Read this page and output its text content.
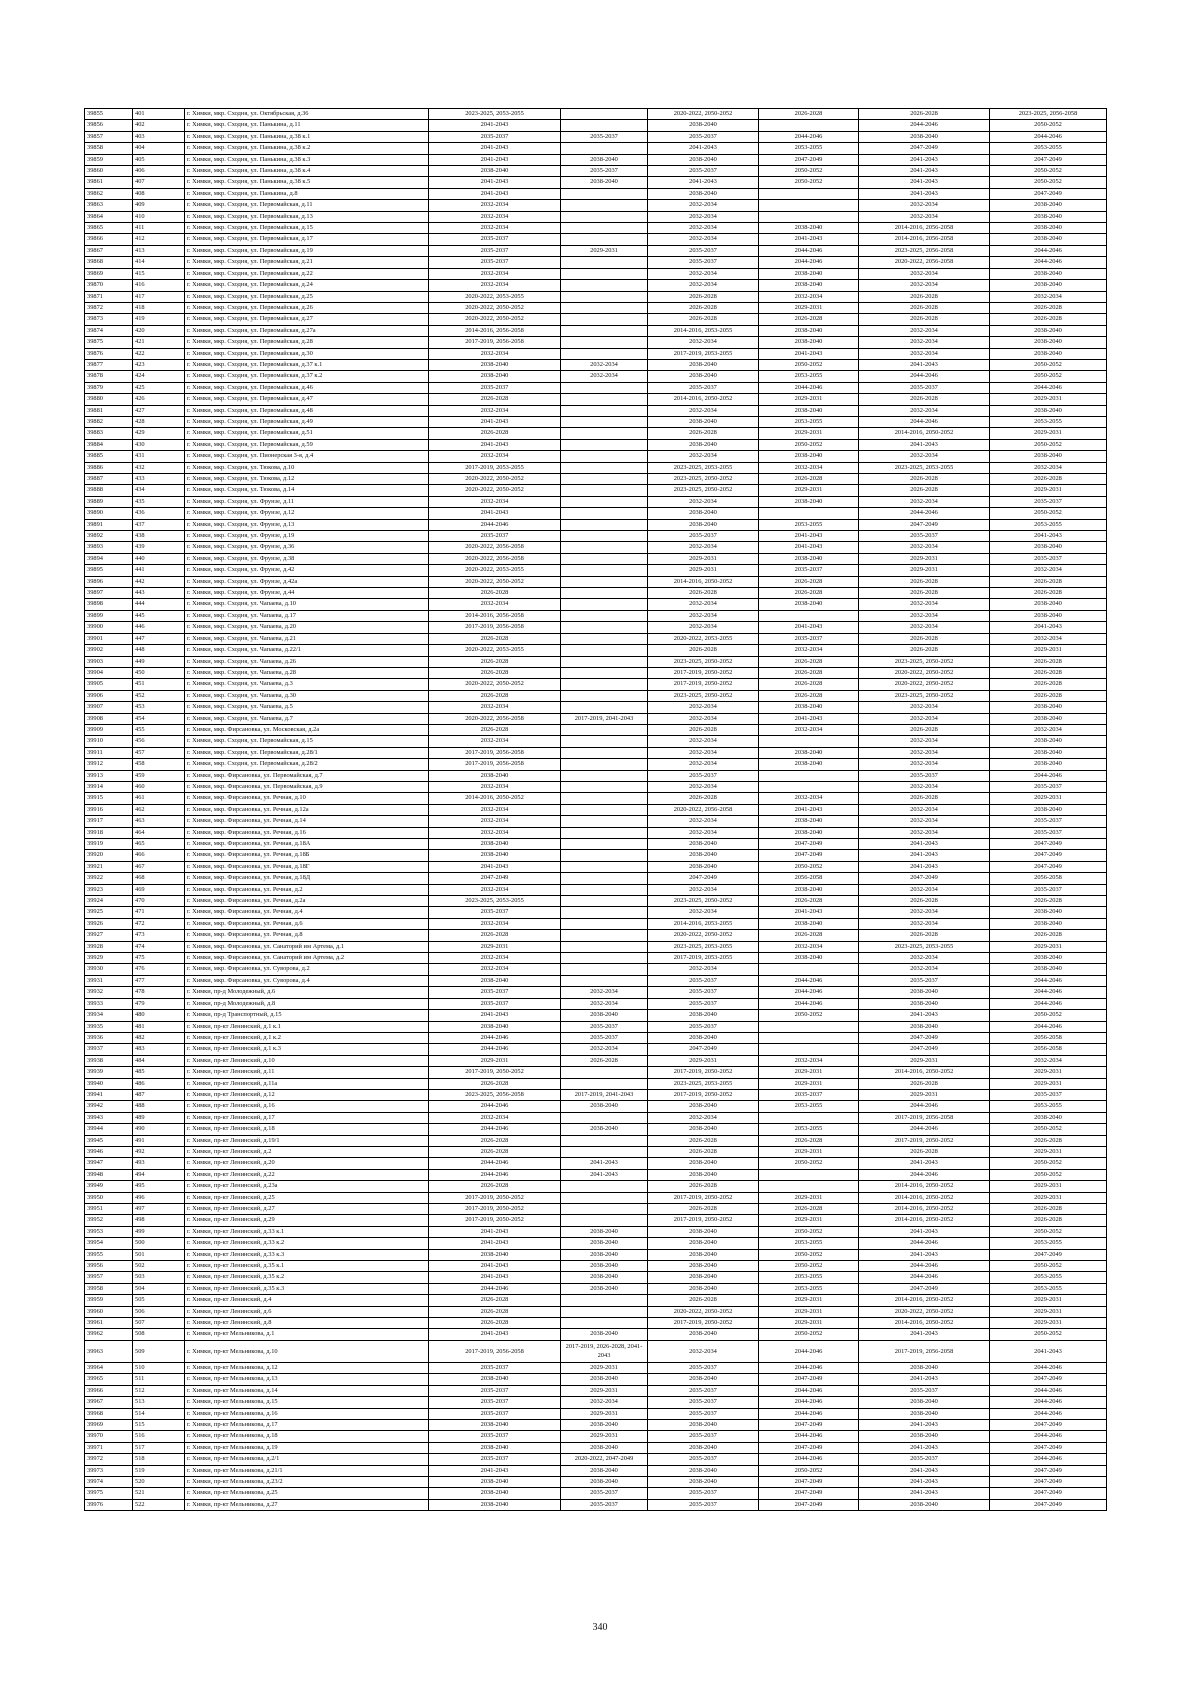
39855	401	г. Химки, мкр. Сходня, ул. Октябрьская, д.36	2023-2025, 2053-2055		2020-2022, 2050-2052	2026-2028	2026-2028	2023-2025, 2056-2058
39856	402	г. Химки, мкр. Сходня, ул. Панькина, д.11	2041-2043		2038-2040		2044-2046	2050-2052
39857	403	г. Химки, мкр. Сходня, ул. Панькина, д.38 к.1	2035-2037	2035-2037	2035-2037	2044-2046	2038-2040	2044-2046
39858	404	г. Химки, мкр. Сходня, ул. Панькина, д.38 к.2	2041-2043		2041-2043	2053-2055	2047-2049	2053-2055
39859	405	г. Химки, мкр. Сходня, ул. Панькина, д.38 к.3	2041-2043	2038-2040	2038-2040	2047-2049	2041-2043	2047-2049
39860	406	г. Химки, мкр. Сходня, ул. Панькина, д.38 к.4	2038-2040	2035-2037	2035-2037	2050-2052	2041-2043	2050-2052
39861	407	г. Химки, мкр. Сходня, ул. Панькина, д.38 к.5	2041-2043	2038-2040	2041-2043	2050-2052	2041-2043	2050-2052
39862	408	г. Химки, мкр. Сходня, ул. Панькина, д.8	2041-2043		2038-2040		2041-2043	2047-2049
39863	409	г. Химки, мкр. Сходня, ул. Первомайская, д.11	2032-2034		2032-2034		2032-2034	2038-2040
39864	410	г. Химки, мкр. Сходня, ул. Первомайская, д.13	2032-2034		2032-2034		2032-2034	2038-2040
39865	411	г. Химки, мкр. Сходня, ул. Первомайская, д.15	2032-2034		2032-2034	2038-2040	2014-2016, 2056-2058	2038-2040
39866	412	г. Химки, мкр. Сходня, ул. Первомайская, д.17	2035-2037		2032-2034	2041-2043	2014-2016, 2056-2058	2038-2040
39867	413	г. Химки, мкр. Сходня, ул. Первомайская, д.19	2035-2037	2029-2031	2035-2037	2044-2046	2023-2025, 2056-2058	2044-2046
39868	414	г. Химки, мкр. Сходня, ул. Первомайская, д.21	2035-2037		2035-2037	2044-2046	2020-2022, 2056-2058	2044-2046
39869	415	г. Химки, мкр. Сходня, ул. Первомайская, д.22	2032-2034		2032-2034	2038-2040	2032-2034	2038-2040
39870	416	г. Химки, мкр. Сходня, ул. Первомайская, д.24	2032-2034		2032-2034	2038-2040	2032-2034	2038-2040
39871	417	г. Химки, мкр. Сходня, ул. Первомайская, д.25	2020-2022, 2053-2055		2026-2028	2032-2034	2026-2028	2032-2034
39872	418	г. Химки, мкр. Сходня, ул. Первомайская, д.26	2020-2022, 2050-2052		2026-2028	2029-2031	2026-2028	2026-2028
39873	419	г. Химки, мкр. Сходня, ул. Первомайская, д.27	2020-2022, 2050-2052		2026-2028	2026-2028	2026-2028	2026-2028
39874	420	г. Химки, мкр. Сходня, ул. Первомайская, д.27а	2014-2016, 2056-2058		2014-2016, 2053-2055	2038-2040	2032-2034	2038-2040
39875	421	г. Химки, мкр. Сходня, ул. Первомайская, д.28	2017-2019, 2056-2058		2032-2034	2038-2040	2032-2034	2038-2040
39876	422	г. Химки, мкр. Сходня, ул. Первомайская, д.30	2032-2034		2017-2019, 2053-2055	2041-2043	2032-2034	2038-2040
39877	423	г. Химки, мкр. Сходня, ул. Первомайская, д.37 к.1	2038-2040	2032-2034	2038-2040	2050-2052	2041-2043	2050-2052
39878	424	г. Химки, мкр. Сходня, ул. Первомайская, д.37 к.2	2038-2040	2032-2034	2038-2040	2053-2055	2044-2046	2050-2052
39879	425	г. Химки, мкр. Сходня, ул. Первомайская, д.46	2035-2037		2035-2037	2044-2046	2035-2037	2044-2046
39880	426	г. Химки, мкр. Сходня, ул. Первомайская, д.47	2026-2028		2014-2016, 2050-2052	2029-2031	2026-2028	2029-2031
39881	427	г. Химки, мкр. Сходня, ул. Первомайская, д.48	2032-2034		2032-2034	2038-2040	2032-2034	2038-2040
39882	428	г. Химки, мкр. Сходня, ул. Первомайская, д.49	2041-2043		2038-2040	2053-2055	2044-2046	2053-2055
39883	429	г. Химки, мкр. Сходня, ул. Первомайская, д.51	2026-2028		2026-2028	2029-2031	2014-2016, 2050-2052	2029-2031
39884	430	г. Химки, мкр. Сходня, ул. Первомайская, д.59	2041-2043		2038-2040	2050-2052	2041-2043	2050-2052
39885	431	г. Химки, мкр. Сходня, ул. Пионерская 3-я, д.4	2032-2034		2032-2034	2038-2040	2032-2034	2038-2040
39886	432	г. Химки, мкр. Сходня, ул. Тюкова, д.10	2017-2019, 2053-2055		2023-2025, 2053-2055	2032-2034	2023-2025, 2053-2055	2032-2034
39887	433	г. Химки, мкр. Сходня, ул. Тюкова, д.12	2020-2022, 2050-2052		2023-2025, 2050-2052	2026-2028	2026-2028	2026-2028
39888	434	г. Химки, мкр. Сходня, ул. Тюкова, д.14	2020-2022, 2050-2052		2023-2025, 2050-2052	2029-2031	2026-2028	2029-2031
39889	435	г. Химки, мкр. Сходня, ул. Фрунзе, д.11	2032-2034		2032-2034	2038-2040	2032-2034	2035-2037
39890	436	г. Химки, мкр. Сходня, ул. Фрунзе, д.12	2041-2043		2038-2040		2044-2046	2050-2052
39891	437	г. Химки, мкр. Сходня, ул. Фрунзе, д.13	2044-2046		2038-2040	2053-2055	2047-2049	2053-2055
39892	438	г. Химки, мкр. Сходня, ул. Фрунзе, д.19	2035-2037		2035-2037	2041-2043	2035-2037	2041-2043
39893	439	г. Химки, мкр. Сходня, ул. Фрунзе, д.36	2020-2022, 2056-2058		2032-2034	2041-2043	2032-2034	2038-2040
39894	440	г. Химки, мкр. Сходня, ул. Фрунзе, д.38	2020-2022, 2056-2058		2029-2031	2038-2040	2029-2031	2035-2037
39895	441	г. Химки, мкр. Сходня, ул. Фрунзе, д.42	2020-2022, 2053-2055		2029-2031	2035-2037	2029-2031	2032-2034
39896	442	г. Химки, мкр. Сходня, ул. Фрунзе, д.42а	2020-2022, 2050-2052		2014-2016, 2050-2052	2026-2028	2026-2028	2026-2028
39897	443	г. Химки, мкр. Сходня, ул. Фрунзе, д.44	2026-2028		2026-2028	2026-2028	2026-2028	2026-2028
39898	444	г. Химки, мкр. Сходня, ул. Чапаева, д.10	2032-2034		2032-2034	2038-2040	2032-2034	2038-2040
39899	445	г. Химки, мкр. Сходня, ул. Чапаева, д.17	2014-2016, 2056-2058		2032-2034		2032-2034	2038-2040
39900	446	г. Химки, мкр. Сходня, ул. Чапаева, д.20	2017-2019, 2056-2058		2032-2034	2041-2043	2032-2034	2041-2043
39901	447	г. Химки, мкр. Сходня, ул. Чапаева, д.21	2026-2028		2020-2022, 2053-2055	2035-2037	2026-2028	2032-2034
39902	448	г. Химки, мкр. Сходня, ул. Чапаева, д.22/1	2020-2022, 2053-2055		2026-2028	2032-2034	2026-2028	2029-2031
39903	449	г. Химки, мкр. Сходня, ул. Чапаева, д.26	2026-2028		2023-2025, 2050-2052	2026-2028	2023-2025, 2050-2052	2026-2028
39904	450	г. Химки, мкр. Сходня, ул. Чапаева, д.28	2026-2028		2017-2019, 2050-2052	2026-2028	2020-2022, 2050-2052	2026-2028
39905	451	г. Химки, мкр. Сходня, ул. Чапаева, д.3	2020-2022, 2050-2052		2017-2019, 2050-2052	2026-2028	2020-2022, 2050-2052	2026-2028
39906	452	г. Химки, мкр. Сходня, ул. Чапаева, д.30	2026-2028		2023-2025, 2050-2052	2026-2028	2023-2025, 2050-2052	2026-2028
39907	453	г. Химки, мкр. Сходня, ул. Чапаева, д.5	2032-2034		2032-2034	2038-2040	2032-2034	2038-2040
39908	454	г. Химки, мкр. Сходня, ул. Чапаева, д.7	2020-2022, 2056-2058	2017-2019, 2041-2043	2032-2034	2041-2043	2032-2034	2038-2040
39909	455	г. Химки, мкр. Фирсановка, ул. Московская, д.2а	2026-2028		2026-2028	2032-2034	2026-2028	2032-2034
39910	456	г. Химки, мкр. Сходня, ул. Первомайская, д.15	2032-2034		2032-2034		2032-2034	2038-2040
39911	457	г. Химки, мкр. Сходня, ул. Первомайская, д.28/1	2017-2019, 2056-2058		2032-2034	2038-2040	2032-2034	2038-2040
39912	458	г. Химки, мкр. Сходня, ул. Первомайская, д.28/2	2017-2019, 2056-2058		2032-2034	2038-2040	2032-2034	2038-2040
39913	459	г. Химки, мкр. Фирсановка, ул. Первомайская, д.7	2038-2040		2035-2037		2035-2037	2044-2046
39914	460	г. Химки, мкр. Фирсановка, ул. Первомайская, д.9	2032-2034		2032-2034		2032-2034	2035-2037
39915	461	г. Химки, мкр. Фирсановка, ул. Речная, д.10	2014-2016, 2050-2052		2026-2028	2032-2034	2026-2028	2029-2031
39916	462	г. Химки, мкр. Фирсановка, ул. Речная, д.12а	2032-2034		2020-2022, 2056-2058	2041-2043	2032-2034	2038-2040
39917	463	г. Химки, мкр. Фирсановка, ул. Речная, д.14	2032-2034		2032-2034	2038-2040	2032-2034	2035-2037
39918	464	г. Химки, мкр. Фирсановка, ул. Речная, д.16	2032-2034		2032-2034	2038-2040	2032-2034	2035-2037
39919	465	г. Химки, мкр. Фирсановка, ул. Речная, д.18А	2038-2040		2038-2040	2047-2049	2041-2043	2047-2049
39920	466	г. Химки, мкр. Фирсановка, ул. Речная, д.18Б	2038-2040		2038-2040	2047-2049	2041-2043	2047-2049
39921	467	г. Химки, мкр. Фирсановка, ул. Речная, д.18Г	2041-2043		2038-2040	2050-2052	2041-2043	2047-2049
39922	468	г. Химки, мкр. Фирсановка, ул. Речная, д.18Д	2047-2049		2047-2049	2056-2058	2047-2049	2056-2058
39923	469	г. Химки, мкр. Фирсановка, ул. Речная, д.2	2032-2034		2032-2034	2038-2040	2032-2034	2035-2037
39924	470	г. Химки, мкр. Фирсановка, ул. Речная, д.2а	2023-2025, 2053-2055		2023-2025, 2050-2052	2026-2028	2026-2028	2026-2028
39925	471	г. Химки, мкр. Фирсановка, ул. Речная, д.4	2035-2037		2032-2034	2041-2043	2032-2034	2038-2040
39926	472	г. Химки, мкр. Фирсановка, ул. Речная, д.6	2032-2034		2014-2016, 2053-2055	2038-2040	2032-2034	2038-2040
39927	473	г. Химки, мкр. Фирсановка, ул. Речная, д.8	2026-2028		2020-2022, 2050-2052	2026-2028	2026-2028	2026-2028
39928	474	г. Химки, мкр. Фирсановка, ул. Санаторий им Артема, д.1	2029-2031		2023-2025, 2053-2055	2032-2034	2023-2025, 2053-2055	2029-2031
39929	475	г. Химки, мкр. Фирсановка, ул. Санаторий им Артема, д.2	2032-2034		2017-2019, 2053-2055	2038-2040	2032-2034	2038-2040
39930	476	г. Химки, мкр. Фирсановка, ул. Суворова, д.2	2032-2034		2032-2034		2032-2034	2038-2040
39931	477	г. Химки, мкр. Фирсановка, ул. Суворова, д.4	2038-2040		2035-2037	2044-2046	2035-2037	2044-2046
39932	478	г. Химки, пр-д Молодежный, д.6	2035-2037	2032-2034	2035-2037	2044-2046	2038-2040	2044-2046
39933	479	г. Химки, пр-д Молодежный, д.8	2035-2037	2032-2034	2035-2037	2044-2046	2038-2040	2044-2046
39934	480	г. Химки, пр-д Транспортный, д.15	2041-2043	2038-2040	2038-2040	2050-2052	2041-2043	2050-2052
39935	481	г. Химки, пр-кт Ленинский, д.1 к.1	2038-2040	2035-2037	2035-2037		2038-2040	2044-2046
39936	482	г. Химки, пр-кт Ленинский, д.1 к.2	2044-2046	2035-2037	2038-2040		2047-2049	2056-2058
39937	483	г. Химки, пр-кт Ленинский, д.1 к.3	2044-2046	2032-2034	2047-2049		2047-2049	2056-2058
39938	484	г. Химки, пр-кт Ленинский, д.10	2029-2031	2026-2028	2029-2031	2032-2034	2029-2031	2032-2034
39939	485	г. Химки, пр-кт Ленинский, д.11	2017-2019, 2050-2052		2017-2019, 2050-2052	2029-2031	2014-2016, 2050-2052	2029-2031
39940	486	г. Химки, пр-кт Ленинский, д.11а	2026-2028		2023-2025, 2053-2055	2029-2031	2026-2028	2029-2031
39941	487	г. Химки, пр-кт Ленинский, д.12	2023-2025, 2056-2058	2017-2019, 2041-2043	2017-2019, 2050-2052	2035-2037	2029-2031	2035-2037
39942	488	г. Химки, пр-кт Ленинский, д.16	2044-2046	2038-2040	2038-2040	2053-2055	2044-2046	2053-2055
39943	489	г. Химки, пр-кт Ленинский, д.17	2032-2034		2032-2034		2017-2019, 2056-2058	2038-2040
39944	490	г. Химки, пр-кт Ленинский, д.18	2044-2046	2038-2040	2038-2040	2053-2055	2044-2046	2050-2052
39945	491	г. Химки, пр-кт Ленинский, д.19/1	2026-2028		2026-2028	2026-2028	2017-2019, 2050-2052	2026-2028
39946	492	г. Химки, пр-кт Ленинский, д.2	2026-2028		2026-2028	2029-2031	2026-2028	2029-2031
39947	493	г. Химки, пр-кт Ленинский, д.20	2044-2046	2041-2043	2038-2040	2050-2052	2041-2043	2050-2052
39948	494	г. Химки, пр-кт Ленинский, д.22	2044-2046	2041-2043	2038-2040		2044-2046	2050-2052
39949	495	г. Химки, пр-кт Ленинский, д.23а	2026-2028		2026-2028		2014-2016, 2050-2052	2029-2031
39950	496	г. Химки, пр-кт Ленинский, д.25	2017-2019, 2050-2052		2017-2019, 2050-2052	2029-2031	2014-2016, 2050-2052	2029-2031
39951	497	г. Химки, пр-кт Ленинский, д.27	2017-2019, 2050-2052		2026-2028	2026-2028	2014-2016, 2050-2052	2026-2028
39952	498	г. Химки, пр-кт Ленинский, д.29	2017-2019, 2050-2052		2017-2019, 2050-2052	2029-2031	2014-2016, 2050-2052	2026-2028
39953	499	г. Химки, пр-кт Ленинский, д.33 к.1	2041-2043	2038-2040	2038-2040	2050-2052	2041-2043	2050-2052
39954	500	г. Химки, пр-кт Ленинский, д.33 к.2	2041-2043	2038-2040	2038-2040	2053-2055	2044-2046	2053-2055
39955	501	г. Химки, пр-кт Ленинский, д.33 к.3	2038-2040	2038-2040	2038-2040	2050-2052	2041-2043	2047-2049
39956	502	г. Химки, пр-кт Ленинский, д.35 к.1	2041-2043	2038-2040	2038-2040	2050-2052	2044-2046	2050-2052
39957	503	г. Химки, пр-кт Ленинский, д.35 к.2	2041-2043	2038-2040	2038-2040	2053-2055	2044-2046	2053-2055
39958	504	г. Химки, пр-кт Ленинский, д.35 к.3	2044-2046	2038-2040	2038-2040	2053-2055	2047-2049	2053-2055
39959	505	г. Химки, пр-кт Ленинский, д.4	2026-2028		2026-2028	2029-2031	2014-2016, 2050-2052	2029-2031
39960	506	г. Химки, пр-кт Ленинский, д.6	2026-2028		2020-2022, 2050-2052	2029-2031	2020-2022, 2050-2052	2029-2031
39961	507	г. Химки, пр-кт Ленинский, д.8	2026-2028		2017-2019, 2050-2052	2029-2031	2014-2016, 2050-2052	2029-2031
39962	508	г. Химки, пр-кт Мельникова, д.1	2041-2043	2038-2040	2038-2040	2050-2052	2041-2043	2050-2052
39963	509	г. Химки, пр-кт Мельникова, д.10	2017-2019, 2056-2058	2017-2019, 2026-2028, 2041-2043	2032-2034	2044-2046	2017-2019, 2056-2058	2041-2043
39964	510	г. Химки, пр-кт Мельникова, д.12	2035-2037	2029-2031	2035-2037	2044-2046	2038-2040	2044-2046
39965	511	г. Химки, пр-кт Мельникова, д.13	2038-2040	2038-2040	2038-2040	2047-2049	2041-2043	2047-2049
39966	512	г. Химки, пр-кт Мельникова, д.14	2035-2037	2029-2031	2035-2037	2044-2046	2035-2037	2044-2046
39967	513	г. Химки, пр-кт Мельникова, д.15	2035-2037	2032-2034	2035-2037	2044-2046	2038-2040	2044-2046
39968	514	г. Химки, пр-кт Мельникова, д.16	2035-2037	2029-2031	2035-2037	2044-2046	2038-2040	2044-2046
39969	515	г. Химки, пр-кт Мельникова, д.17	2038-2040	2038-2040	2038-2040	2047-2049	2041-2043	2047-2049
39970	516	г. Химки, пр-кт Мельникова, д.18	2035-2037	2029-2031	2035-2037	2044-2046	2038-2040	2044-2046
39971	517	г. Химки, пр-кт Мельникова, д.19	2038-2040	2038-2040	2038-2040	2047-2049	2041-2043	2047-2049
39972	518	г. Химки, пр-кт Мельникова, д.2/1	2035-2037	2020-2022, 2047-2049	2035-2037	2044-2046	2035-2037	2044-2046
39973	519	г. Химки, пр-кт Мельникова, д.21/1	2041-2043	2038-2040	2038-2040	2050-2052	2041-2043	2047-2049
39974	520	г. Химки, пр-кт Мельникова, д.23/2	2038-2040	2038-2040	2038-2040	2047-2049	2041-2043	2047-2049
39975	521	г. Химки, пр-кт Мельникова, д.25	2038-2040	2035-2037	2035-2037	2047-2049	2041-2043	2047-2049
39976	522	г. Химки, пр-кт Мельникова, д.27	2038-2040	2035-2037	2035-2037	2047-2049	2038-2040	2047-2049
340
